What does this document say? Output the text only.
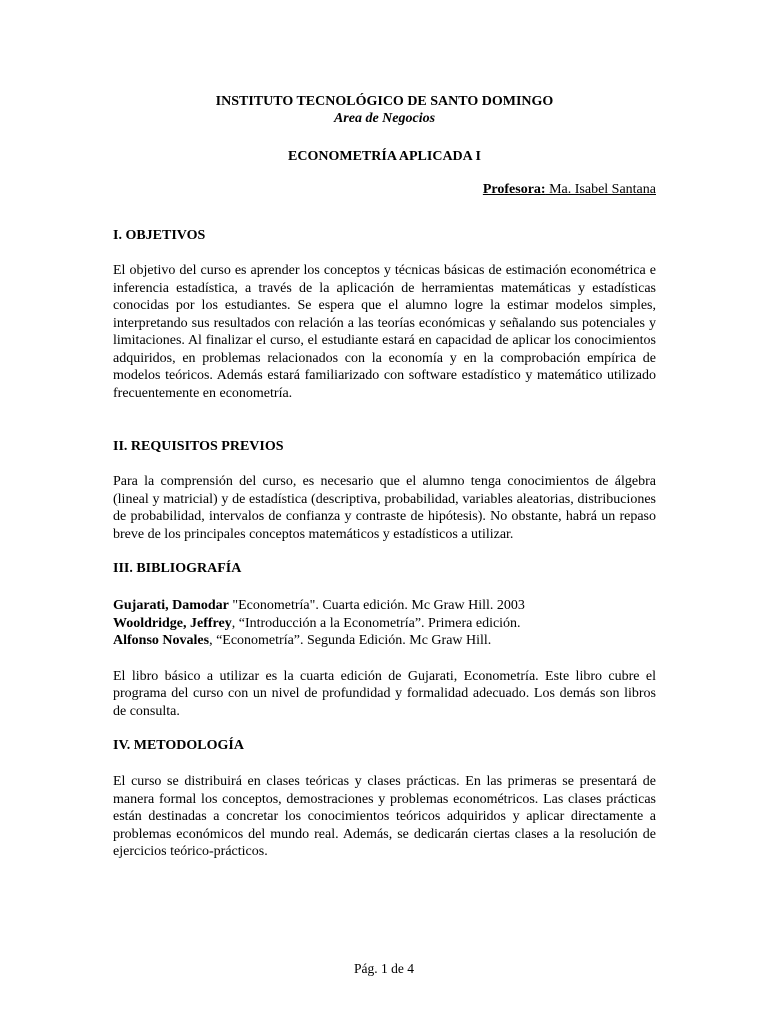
INSTITUTO TECNOLÓGICO DE SANTO DOMINGO
Area de Negocios
ECONOMETRÍA APLICADA I
Profesora: Ma. Isabel Santana
I. OBJETIVOS

El objetivo del curso es aprender los conceptos y técnicas básicas de estimación econométrica e inferencia estadística, a través de la aplicación de herramientas matemáticas y estadísticas conocidas por los estudiantes. Se espera que el alumno logre la estimar modelos simples, interpretando sus resultados con relación a las teorías económicas y señalando sus potenciales y limitaciones. Al finalizar el curso, el estudiante estará en capacidad de aplicar los conocimientos adquiridos, en problemas relacionados con la economía y en la comprobación empírica de modelos teóricos. Además estará familiarizado con software estadístico y matemático utilizado frecuentemente en econometría.

II. REQUISITOS PREVIOS

Para la comprensión del curso, es necesario que el alumno tenga conocimientos de álgebra (lineal y matricial) y de estadística (descriptiva, probabilidad, variables aleatorias, distribuciones de probabilidad, intervalos de confianza y contraste de hipótesis). No obstante, habrá un repaso breve de los principales conceptos matemáticos y estadísticos a utilizar.

III. BIBLIOGRAFÍA
Gujarati, Damodar "Econometría". Cuarta edición. Mc Graw Hill. 2003
Wooldridge, Jeffrey, “Introducción a la Econometría”. Primera edición.
Alfonso Novales, “Econometría”. Segunda Edición. Mc Graw Hill.

El libro básico a utilizar es la cuarta edición de Gujarati, Econometría. Este libro cubre el programa del curso con un nivel de profundidad y formalidad adecuado. Los demás son libros de consulta.

IV. METODOLOGÍA

El curso se distribuirá en clases teóricas y clases prácticas. En las primeras se presentará de manera formal los conceptos, demostraciones y problemas econométricos. Las clases prácticas están destinadas a concretar los conocimientos teóricos adquiridos y aplicar directamente a problemas económicos del mundo real. Además, se dedicarán ciertas clases a la resolución de ejercicios teórico-prácticos.

Pág. 1 de 4
